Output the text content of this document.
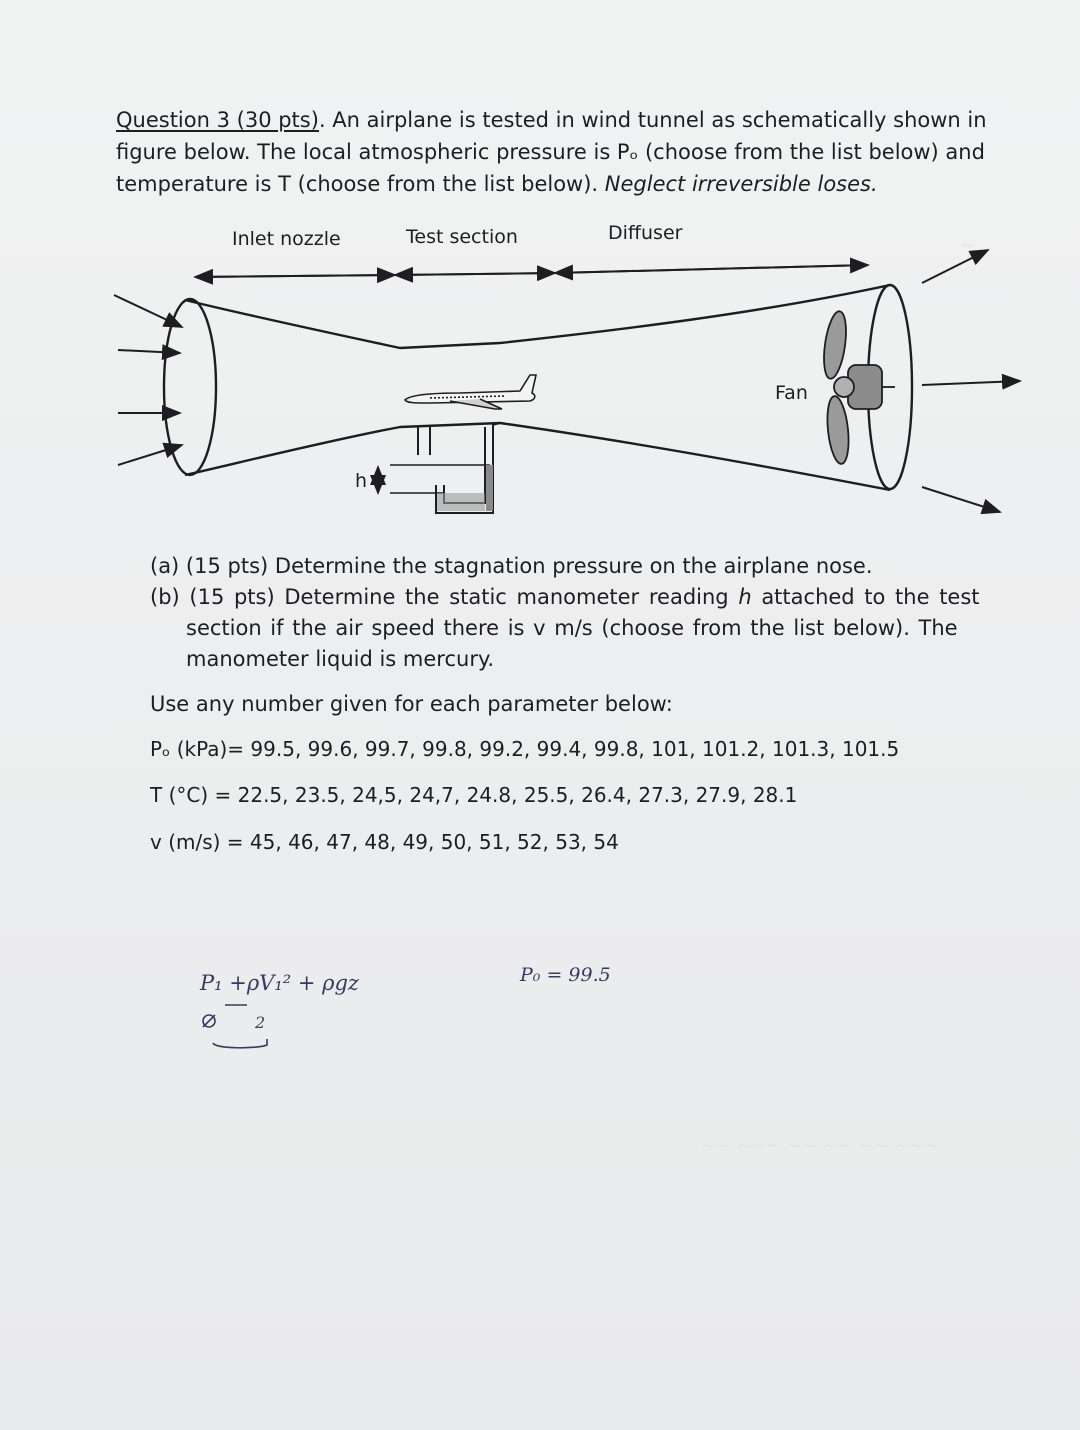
~
~~~ ~~ ~~ ~~ ~~~ ~~
Question 3 (30 pts). An airplane is tested in wind tunnel as schematically shown in
figure below. The local atmospheric pressure is Pₒ (choose from the list below) and
temperature is T (choose from the list below). Neglect irreversible loses.
Inlet nozzle	Test section	Diffuser
Fan
h
(a) (15 pts) Determine the stagnation pressure on the airplane nose.
(b) (15 pts) Determine the static manometer reading h attached to the test
section if the air speed there is v m/s (choose from the list below). The
manometer liquid is mercury.
Use any number given for each parameter below:
Pₒ (kPa)= 99.5, 99.6, 99.7, 99.8, 99.2, 99.4, 99.8, 101, 101.2, 101.3, 101.5
T (°C) = 22.5, 23.5, 24,5, 24,7, 24.8, 25.5, 26.4, 27.3, 27.9, 28.1
v (m/s) = 45, 46, 47, 48, 49, 50, 51, 52, 53, 54
P₁ +ρV₁² + ρgz
2
P₀ = 99.5
